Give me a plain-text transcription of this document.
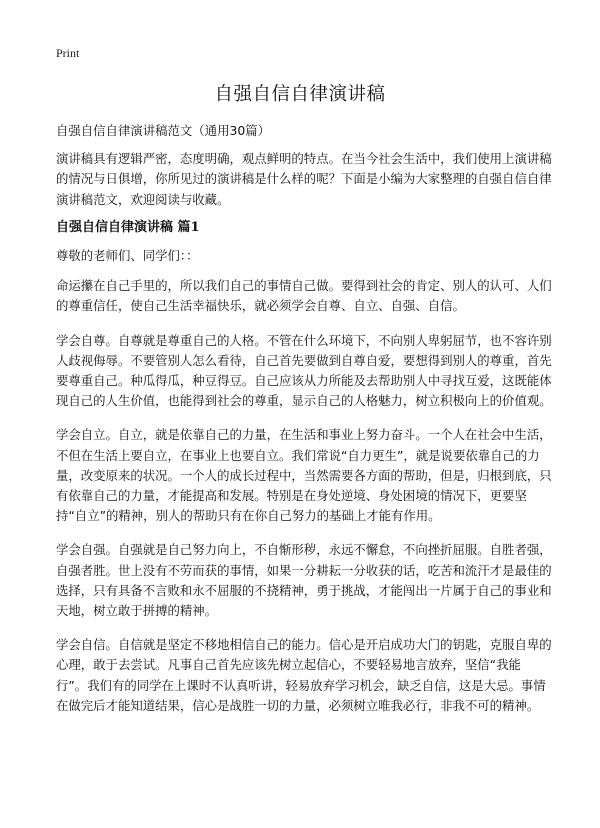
Print
自强自信自律演讲稿

自强自信自律演讲稿范文（通用30篇）

演讲稿具有逻辑严密，态度明确，观点鲜明的特点。在当今社会生活中，我们使用上演讲稿的情况与日俱增，你所见过的演讲稿是什么样的呢？下面是小编为大家整理的自强自信自律演讲稿范文，欢迎阅读与收藏。

自强自信自律演讲稿 篇1

尊敬的老师们、同学们：：

命运攥在自己手里的，所以我们自己的事情自己做。要得到社会的肯定、别人的认可、人们的尊重信任，使自己生活幸福快乐，就必须学会自尊、自立、自强、自信。

学会自尊。自尊就是尊重自己的人格。不管在什么环境下，不向别人卑躬屈节，也不容许别人歧视侮辱。不要管别人怎么看待，自己首先要做到自尊自爱，要想得到别人的尊重，首先要尊重自己。种瓜得瓜，种豆得豆。自己应该从力所能及去帮助别人中寻找互爱，这既能体现自己的人生价值，也能得到社会的尊重，显示自己的人格魅力，树立积极向上的价值观。

学会自立。自立，就是依靠自己的力量，在生活和事业上努力奋斗。一个人在社会中生活，不但在生活上要自立，在事业上也要自立。我们常说“自力更生”，就是说要依靠自己的力量，改变原来的状况。一个人的成长过程中，当然需要各方面的帮助，但是，归根到底，只有依靠自己的力量，才能提高和发展。特别是在身处逆境、身处困境的情况下，更要坚持“自立”的精神，别人的帮助只有在你自己努力的基础上才能有作用。

学会自强。自强就是自己努力向上，不自惭形秽，永远不懈怠，不向挫折屈服。自胜者强，自强者胜。世上没有不劳而获的事情，如果一分耕耘一分收获的话，吃苦和流汗才是最佳的选择，只有具备不言败和永不屈服的不挠精神，勇于挑战，才能闯出一片属于自己的事业和天地，树立敢于拼搏的精神。

学会自信。自信就是坚定不移地相信自己的能力。信心是开启成功大门的钥匙，克服自卑的心理，敢于去尝试。凡事自己首先应该先树立起信心，不要轻易地言放弃，坚信“我能行”。我们有的同学在上课时不认真听讲，轻易放弃学习机会，缺乏自信，这是大忌。事情在做完后才能知道结果，信心是战胜一切的力量，必须树立唯我必行，非我不可的精神。
